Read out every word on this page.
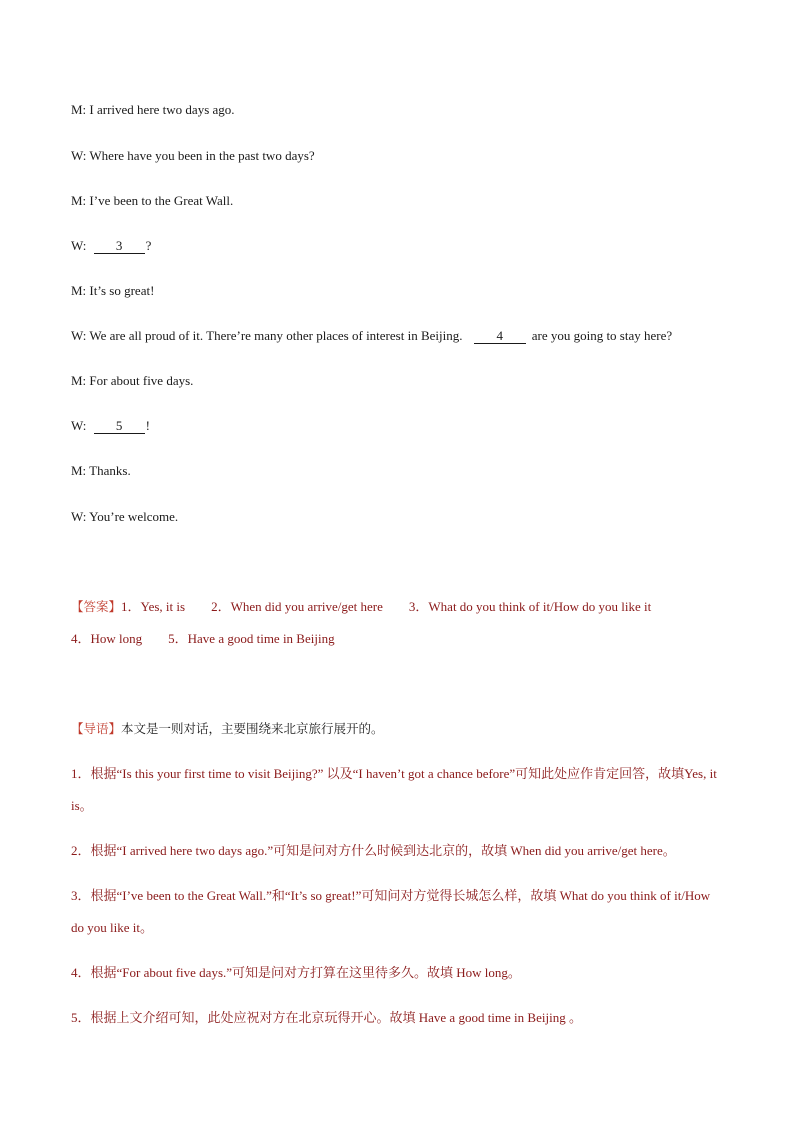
M: I arrived here two days ago.
W: Where have you been in the past two days?
M: I’ve been to the Great Wall.
W: 3 ?
M: It’s so great!
W: We are all proud of it. There’re many other places of interest in Beijing.	4 are you going to stay here?
M: For about five days.
W: 5 !
M: Thanks.
W: You’re welcome.
【答案】1．Yes, it is 2．When did you arrive/get here 3．What do you think of it/How do you like it
4．How long 5．Have a good time in Beijing
【导语】本文是一则对话，主要围绕来北京旅行展开的。
1．根据“Is this your first time to visit Beijing?” 以及“I haven’t got a chance before”可知此处应作肯定回答，故填Yes, it is。
2．根据“I arrived here two days ago.”可知是问对方什么时候到达北京的，故填 When did you arrive/get here。
3．根据“I’ve been to the Great Wall.”和“It’s so great!”可知问对方觉得长城怎么样，故填 What do you think of it/How do you like it。
4．根据“For about five days.”可知是问对方打算在这里待多久。故填 How long。
5．根据上文介绍可知，此处应祝对方在北京玩得开心。故填 Have a good time in Beijing 。
